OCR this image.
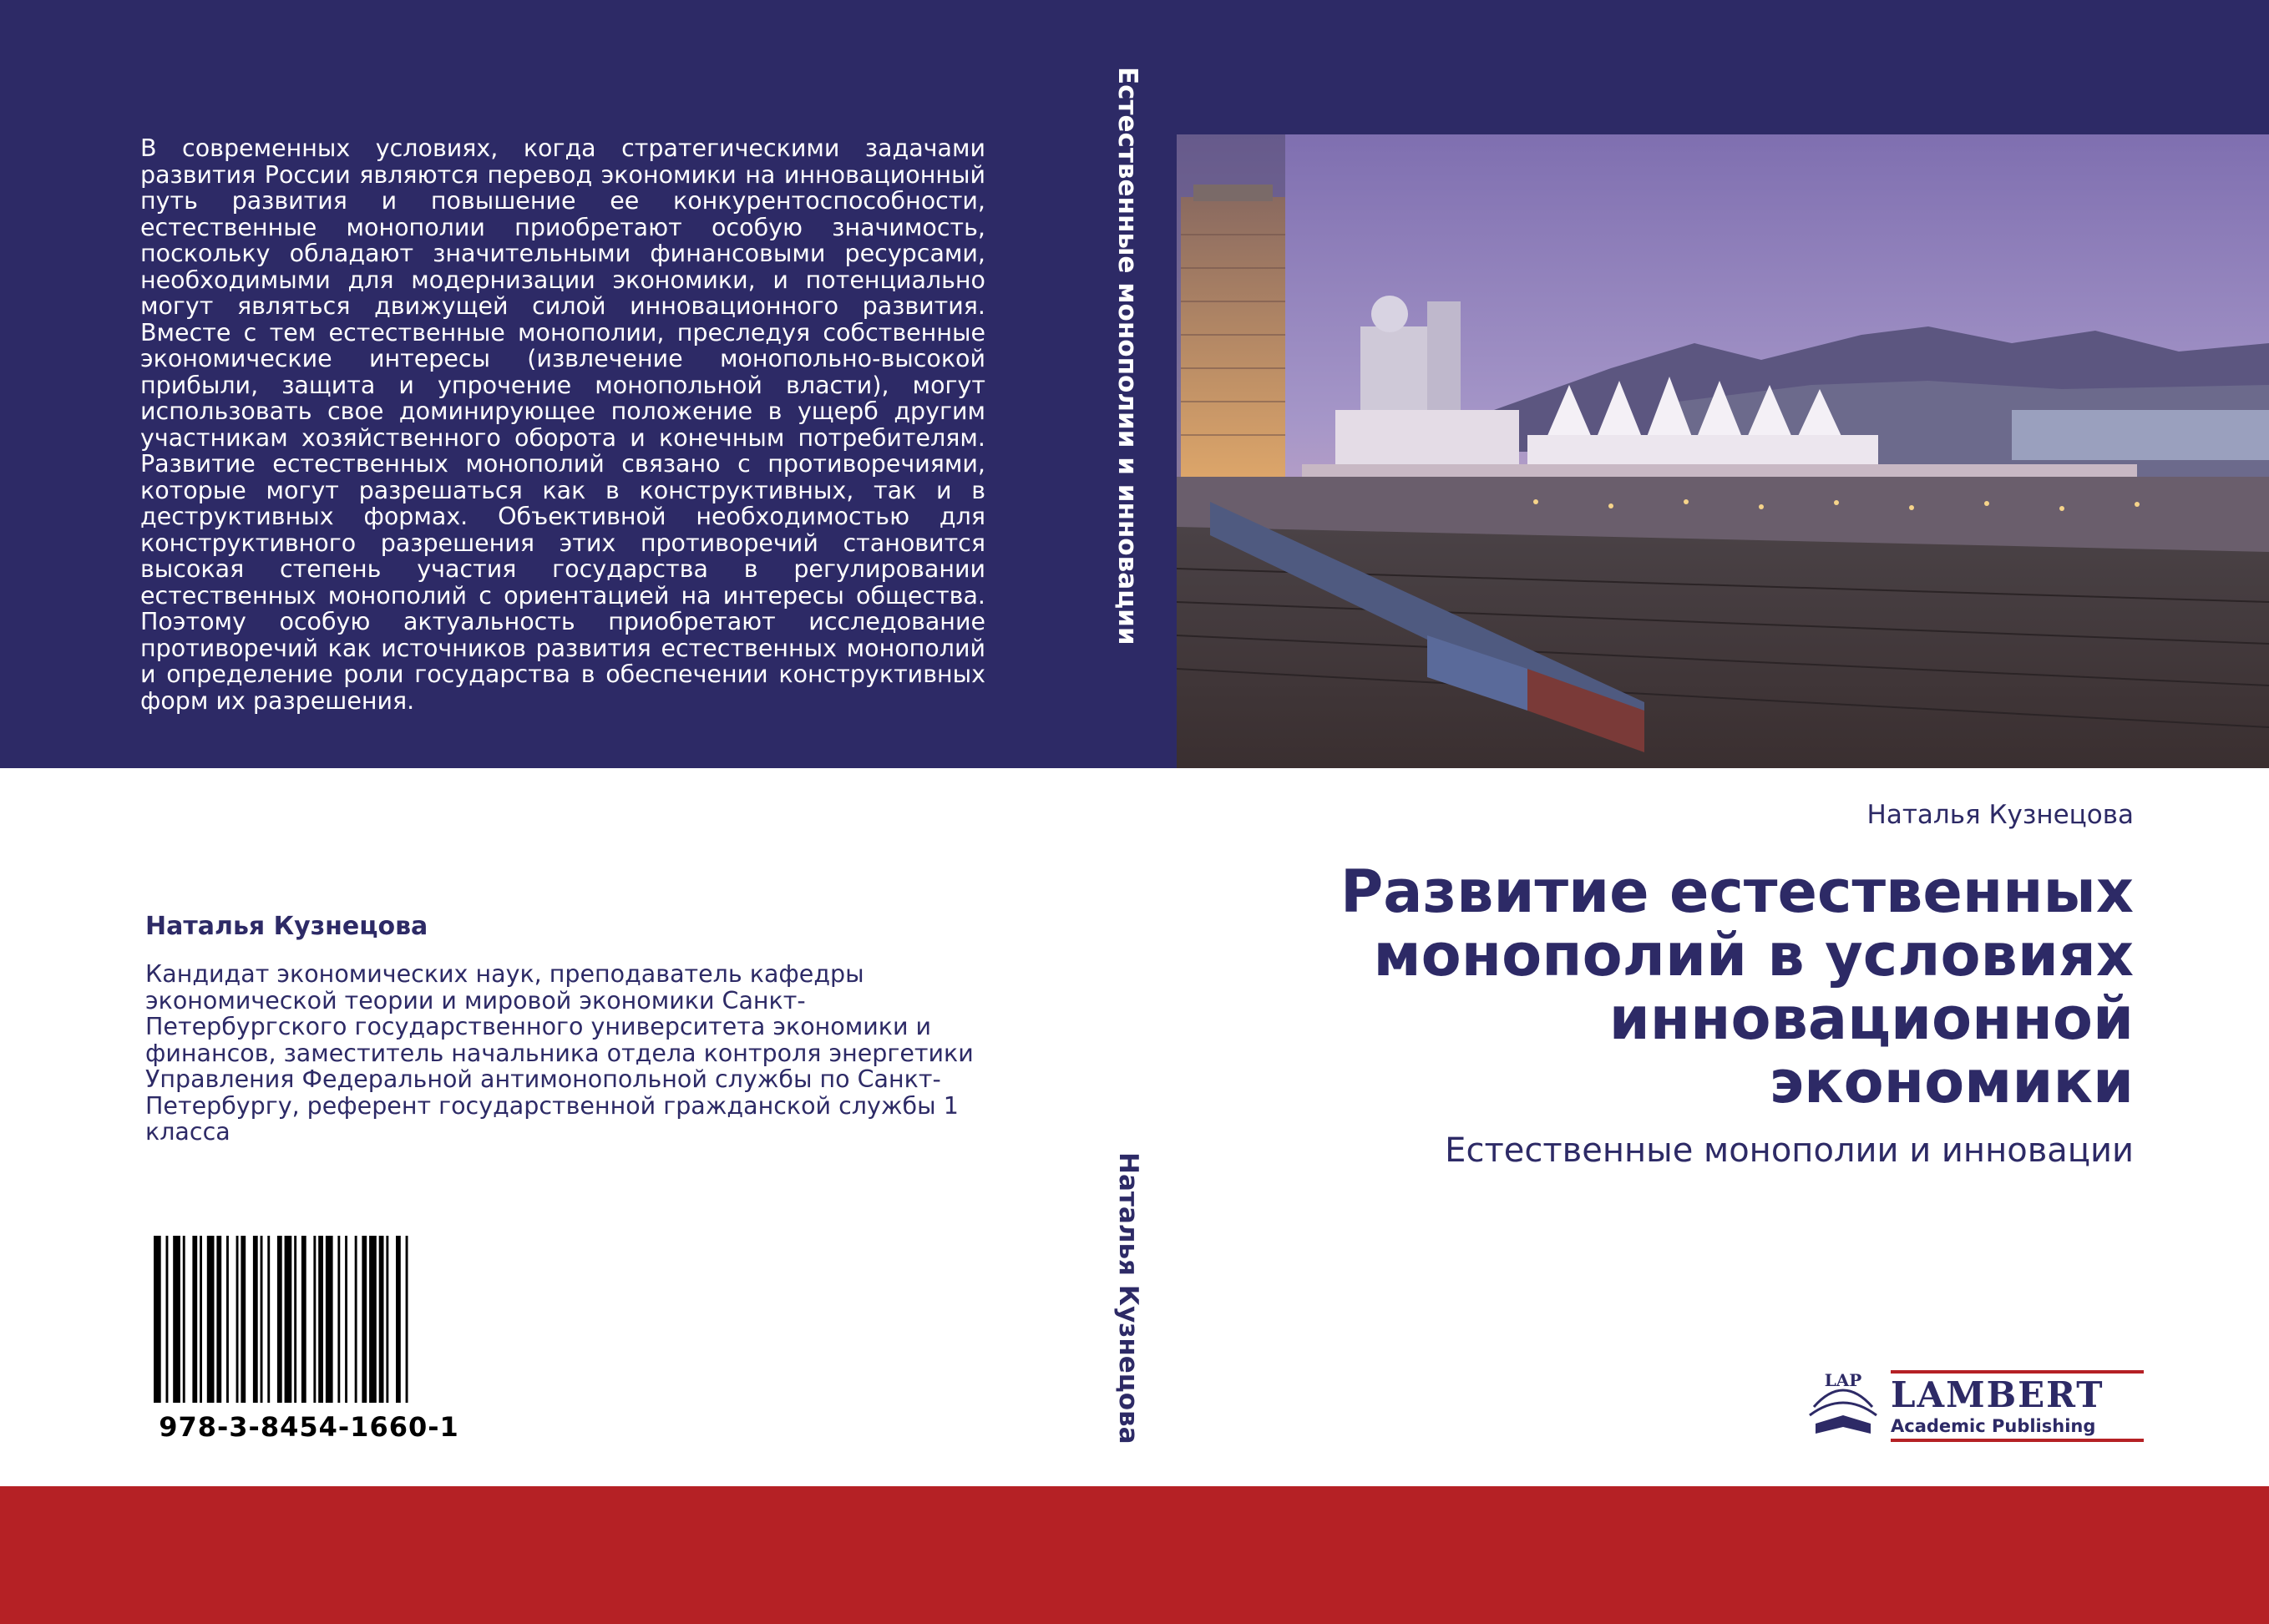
В современных условиях, когда стратегическими задачами развития России являются перевод экономики на инновационный путь развития и повышение ее конкурентоспособности, естественные монополии приобретают особую значимость, поскольку обладают значительными финансовыми ресурсами, необходимыми для модернизации экономики, и потенциально могут являться движущей силой инновационного развития. Вместе с тем естественные монополии, преследуя собственные экономические интересы (извлечение монопольно-высокой прибыли, защита и упрочение монопольной власти), могут использовать свое доминирующее положение в ущерб другим участникам хозяйственного оборота и конечным потребителям. Развитие естественных монополий связано с противоречиями, которые могут разрешаться как в конструктивных, так и в деструктивных формах. Объективной необходимостью для конструктивного разрешения этих противоречий становится высокая степень участия государства в регулировании естественных монополий с ориентацией на интересы общества. Поэтому особую актуальность приобретают исследование противоречий как источников развития естественных монополий и определение роли государства в обеспечении конструктивных форм их разрешения.

Естественные монополии и инновации
Наталья Кузнецова
Наталья Кузнецова
Развитие естественных монополий в условиях инновационной экономики
Естественные монополии и инновации
Наталья Кузнецова

Кандидат экономических наук, преподаватель кафедры экономической теории и мировой экономики Санкт-Петербургского государственного университета экономики и финансов, заместитель начальника отдела контроля энергетики Управления Федеральной антимонопольной службы по Санкт-Петербургу, референт государственной гражданской службы 1 класса

978-3-8454-1660-1
LAP LAMBERT
Academic Publishing
